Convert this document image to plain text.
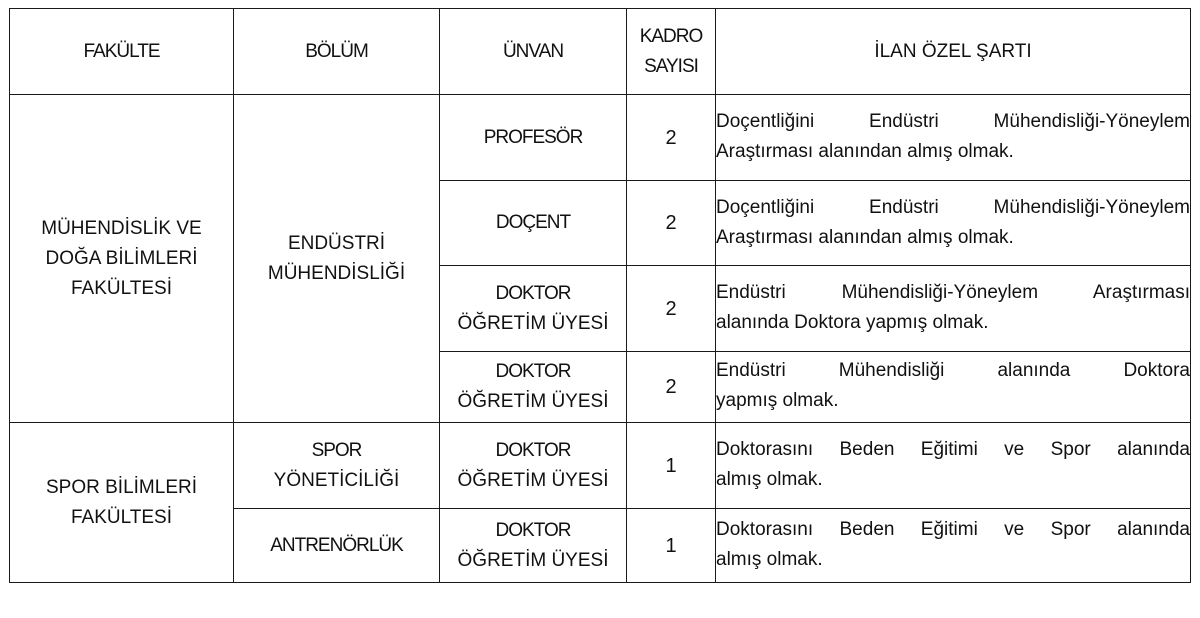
FAKÜLTE	BÖLÜM	ÜNVAN	KADRO
SAYISI	İLAN ÖZEL ŞARTI

MÜHENDİSLİK VE
DOĞA BİLİMLERİ
FAKÜLTESİ	ENDÜSTRİ
MÜHENDİSLİĞİ	PROFESÖR	2	Doçentliğini Endüstri Mühendisliği-Yöneylem
Araştırması alanından almış olmak.

		DOÇENT	2	Doçentliğini Endüstri Mühendisliği-Yöneylem
Araştırması alanından almış olmak.

		DOKTOR
ÖĞRETİM ÜYESİ	2	Endüstri Mühendisliği-Yöneylem Araştırması
alanında Doktora yapmış olmak.

		DOKTOR
ÖĞRETİM ÜYESİ	2	Endüstri Mühendisliği alanında Doktora
yapmış olmak.

SPOR BİLİMLERİ
FAKÜLTESİ	SPOR
YÖNETİCİLİĞİ	DOKTOR
ÖĞRETİM ÜYESİ	1	Doktorasını Beden Eğitimi ve Spor alanında
almış olmak.

	ANTRENÖRLÜK	DOKTOR
ÖĞRETİM ÜYESİ	1	Doktorasını Beden Eğitimi ve Spor alanında
almış olmak.
